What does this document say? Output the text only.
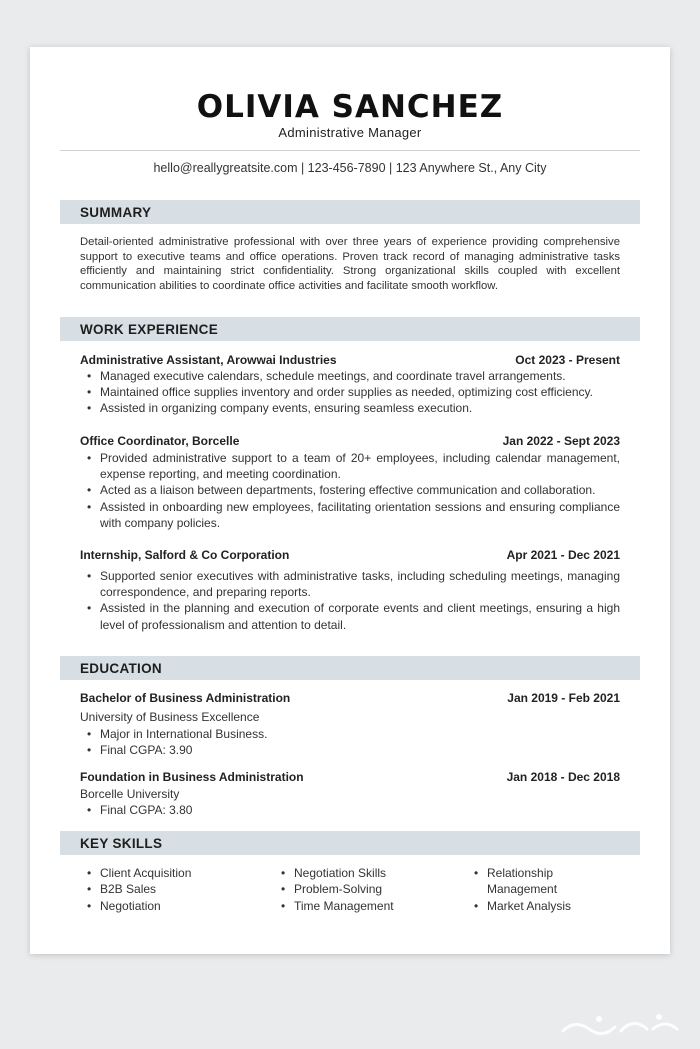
OLIVIA SANCHEZ
Administrative Manager
hello@reallygreatsite.com | 123-456-7890 | 123 Anywhere St., Any City
SUMMARY
Detail-oriented administrative professional with over three years of experience providing comprehensive support to executive teams and office operations. Proven track record of managing administrative tasks efficiently and maintaining strict confidentiality. Strong organizational skills coupled with excellent communication abilities to coordinate office activities and facilitate smooth workflow.
WORK EXPERIENCE
Administrative Assistant, Arowwai Industries	Oct 2023 - Present
• Managed executive calendars, schedule meetings, and coordinate travel arrangements.
• Maintained office supplies inventory and order supplies as needed, optimizing cost efficiency.
• Assisted in organizing company events, ensuring seamless execution.
Office Coordinator, Borcelle	Jan 2022 - Sept 2023
• Provided administrative support to a team of 20+ employees, including calendar management, expense reporting, and meeting coordination.
• Acted as a liaison between departments, fostering effective communication and collaboration.
• Assisted in onboarding new employees, facilitating orientation sessions and ensuring compliance with company policies.
Internship, Salford & Co Corporation	Apr 2021 - Dec 2021
• Supported senior executives with administrative tasks, including scheduling meetings, managing correspondence, and preparing reports.
• Assisted in the planning and execution of corporate events and client meetings, ensuring a high level of professionalism and attention to detail.
EDUCATION
Bachelor of Business Administration	Jan 2019 - Feb 2021
University of Business Excellence
• Major in International Business.
• Final CGPA: 3.90
Foundation in Business Administration	Jan 2018 - Dec 2018
Borcelle University
• Final CGPA: 3.80
KEY SKILLS
• Client Acquisition
• B2B Sales
• Negotiation
• Negotiation Skills
• Problem-Solving
• Time Management
• Relationship Management
• Market Analysis
